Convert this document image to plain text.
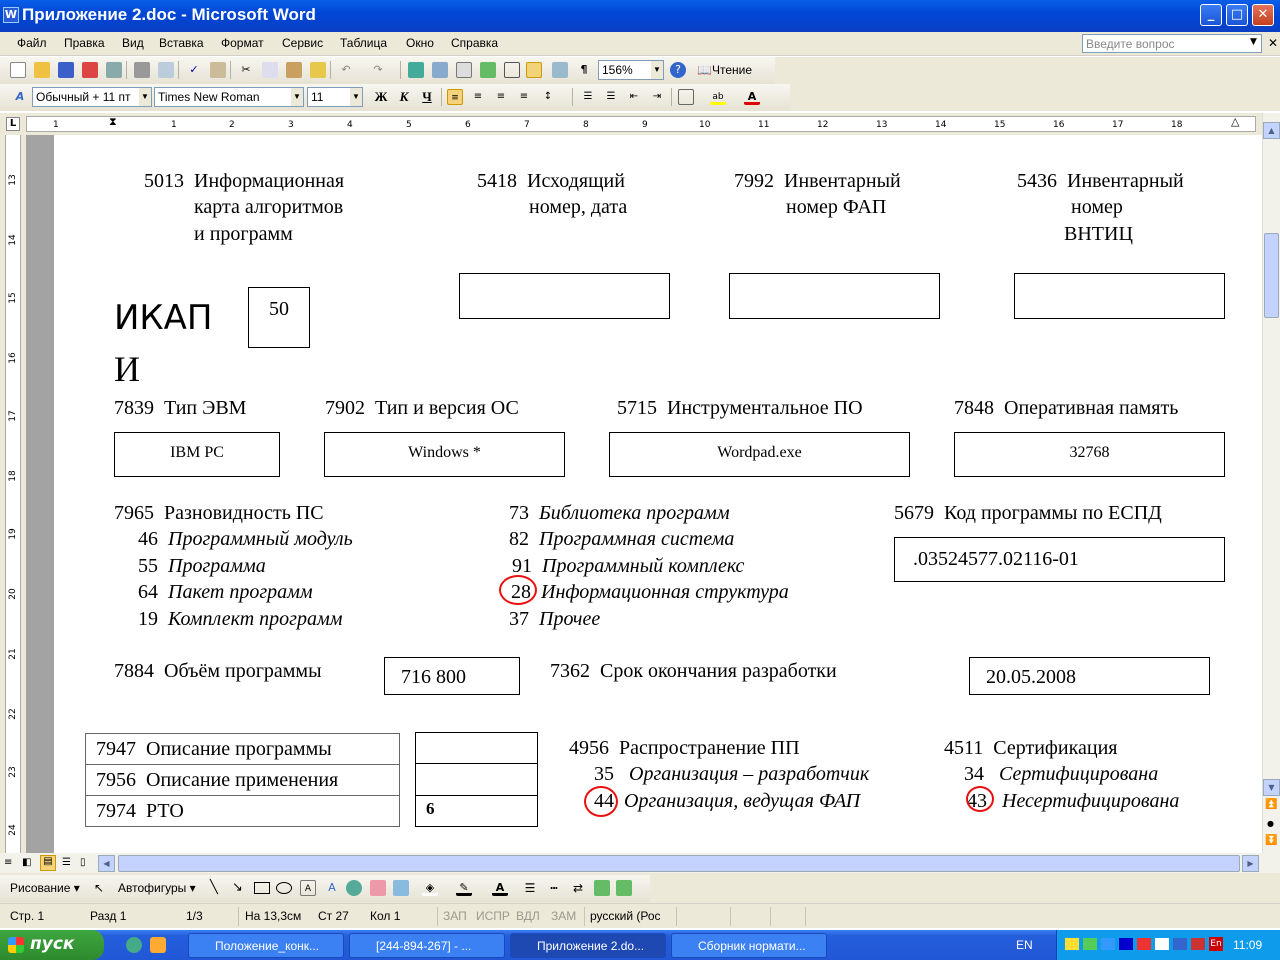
W Приложение 2.doc - Microsoft Word	_	□	✕
Файл Правка Вид Вставка Формат Сервис Таблица Окно Справка	Введите вопрос	▼ ✕
✓	✂	↶	↷	¶	156%	▼	?	📖Чтение
A Обычный + 11 пт ▼ Times New Roman	▼ 11	▼ Ж К Ч	≡	≡	≡	≡	↕	☰	☰	⇤	⇥	ab	A
L	1	⧗	1	2	3	4	5	6	7	8	9	10	11	12	13	14	15	16	17	18	△
13
14
15
16
17
18
19
20
21
22
23
24
5013 Информационная
карта алгоритмов
и программ
5418 Исходящий
номер, дата
7992 Инвентарный
номер ФАП
5436 Инвентарный
номер
ВНТИЦ
ИКАП
И
50
7839 Тип ЭВМ	7902 Тип и версия ОС	5715 Инструментальное ПО	7848 Оперативная память
IBM PC	Windows *	Wordpad.exe	32768
7965 Разновидность ПС
46 Программный модуль
55 Программа
64 Пакет программ
19 Комплект программ
73 Библиотека программ
82 Программная система
91 Программный комплекс
28 Информационная структура
37 Прочее
5679 Код программы по ЕСПД
.03524577.02116-01
7884 Объём программы	716 800	7362 Срок окончания разработки	20.05.2008
7947 Описание программы
7956 Описание применения
7974 РТО	6
4956 Распространение ПП
35 Организация – разработчик
44 Организация, ведущая ФАП
4511 Сертификация
34 Сертифицирована
43 Несертифицирована
▲
▼
⏫
●
⏬
≡ ◧	▤ ☰ ▯	◀	▶
Рисование ▾ ↖ Автофигуры ▾ ╲ ↘	A	A	◈	✎	A	☰	┅	⇄
Стр. 1	Разд 1	1/3	На 13,3см Ст 27 Кол 1	ЗАП ИСПР ВДЛ ЗАМ русский (Рос
пуск	Положение_конк...	[244-894-267] - ...	Приложение 2.do...	Сборник нормати...	EN	En 11:09
